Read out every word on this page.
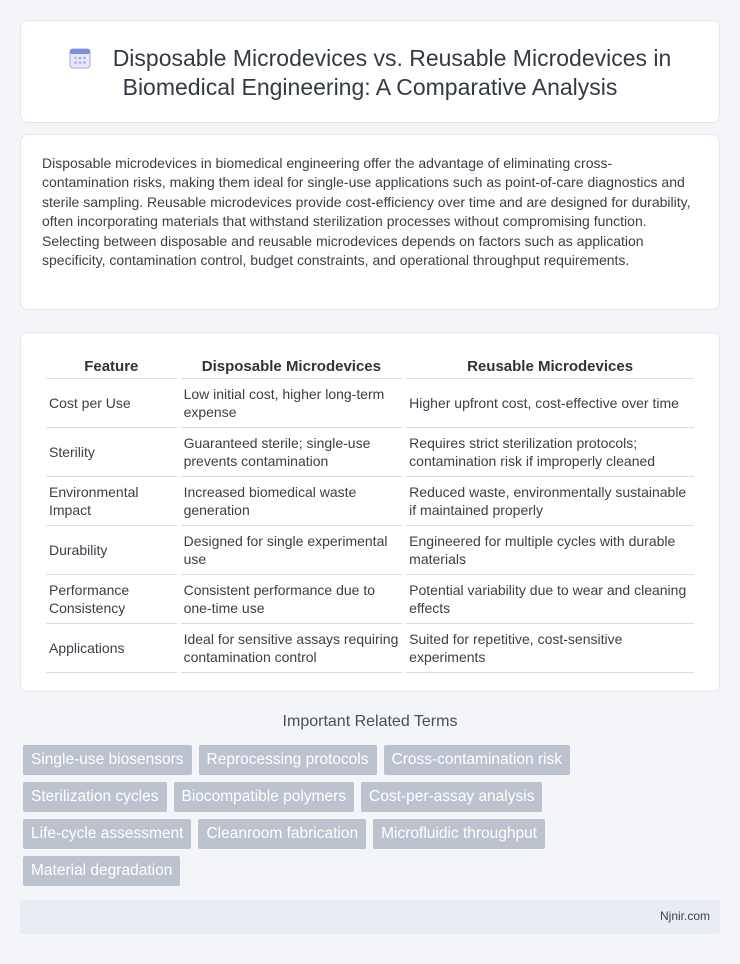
Disposable Microdevices vs. Reusable Microdevices in
Biomedical Engineering: A Comparative Analysis

Disposable microdevices in biomedical engineering offer the advantage of eliminating cross-contamination risks, making them ideal for single-use applications such as point-of-care diagnostics and sterile sampling. Reusable microdevices provide cost-efficiency over time and are designed for durability, often incorporating materials that withstand sterilization processes without compromising function. Selecting between disposable and reusable microdevices depends on factors such as application specificity, contamination control, budget constraints, and operational throughput requirements.

Feature	Disposable Microdevices	Reusable Microdevices
Cost per Use	Low initial cost, higher long-term expense	Higher upfront cost, cost-effective over time
Sterility	Guaranteed sterile; single-use prevents contamination	Requires strict sterilization protocols; contamination risk if improperly cleaned
Environmental Impact	Increased biomedical waste generation	Reduced waste, environmentally sustainable if maintained properly
Durability	Designed for single experimental use	Engineered for multiple cycles with durable materials
Performance Consistency	Consistent performance due to one-time use	Potential variability due to wear and cleaning effects
Applications	Ideal for sensitive assays requiring contamination control	Suited for repetitive, cost-sensitive experiments
Important Related Terms
Single-use biosensors	Reprocessing protocols	Cross-contamination risk
Sterilization cycles	Biocompatible polymers	Cost-per-assay analysis
Life-cycle assessment	Cleanroom fabrication	Microfluidic throughput
Material degradation
Njnir.com
